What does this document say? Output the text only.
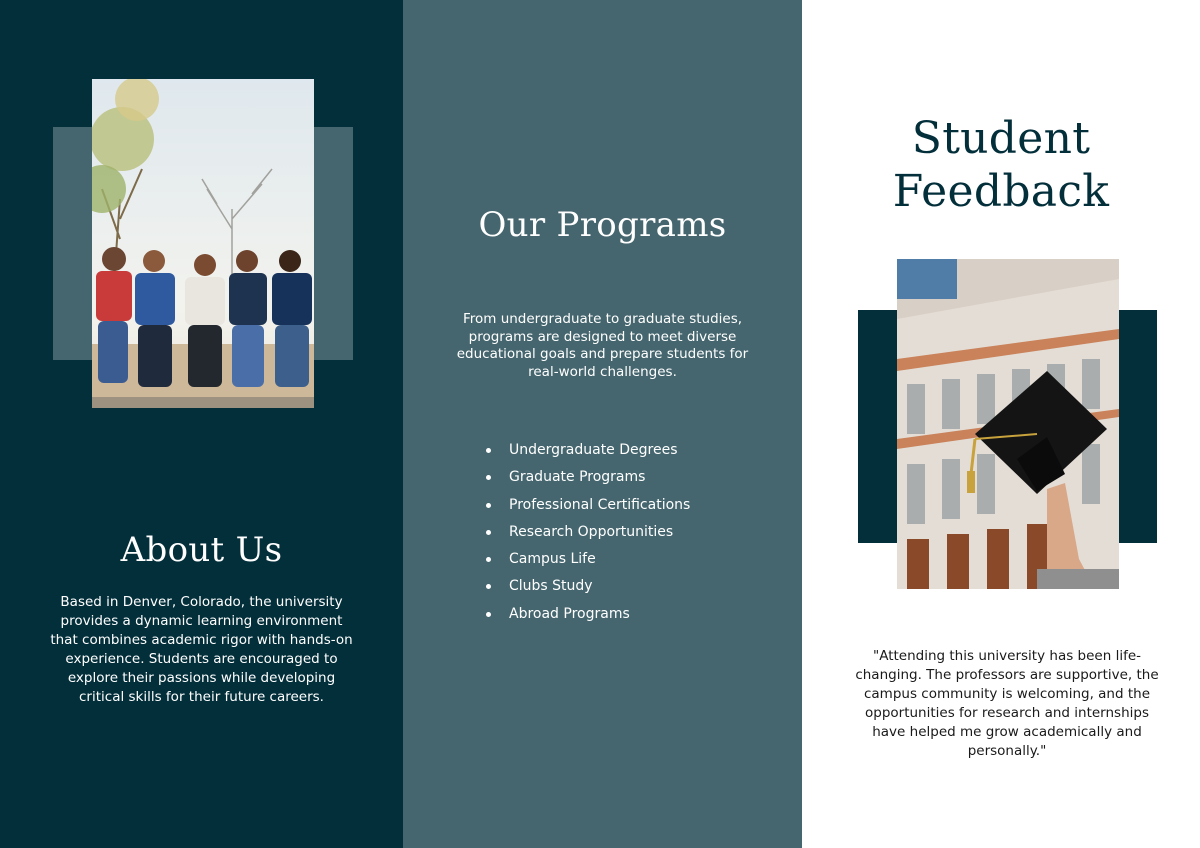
About Us

Based in Denver, Colorado, the university provides a dynamic learning environment that combines academic rigor with hands-on experience. Students are encouraged to explore their passions while developing critical skills for their future careers.

Our Programs

From undergraduate to graduate studies, programs are designed to meet diverse educational goals and prepare students for real-world challenges.

Undergraduate Degrees
Graduate Programs
Professional Certifications
Research Opportunities
Campus Life
Clubs Study
Abroad Programs
Student
Feedback

"Attending this university has been life-changing. The professors are supportive, the campus community is welcoming, and the opportunities for research and internships have helped me grow academically and personally."
